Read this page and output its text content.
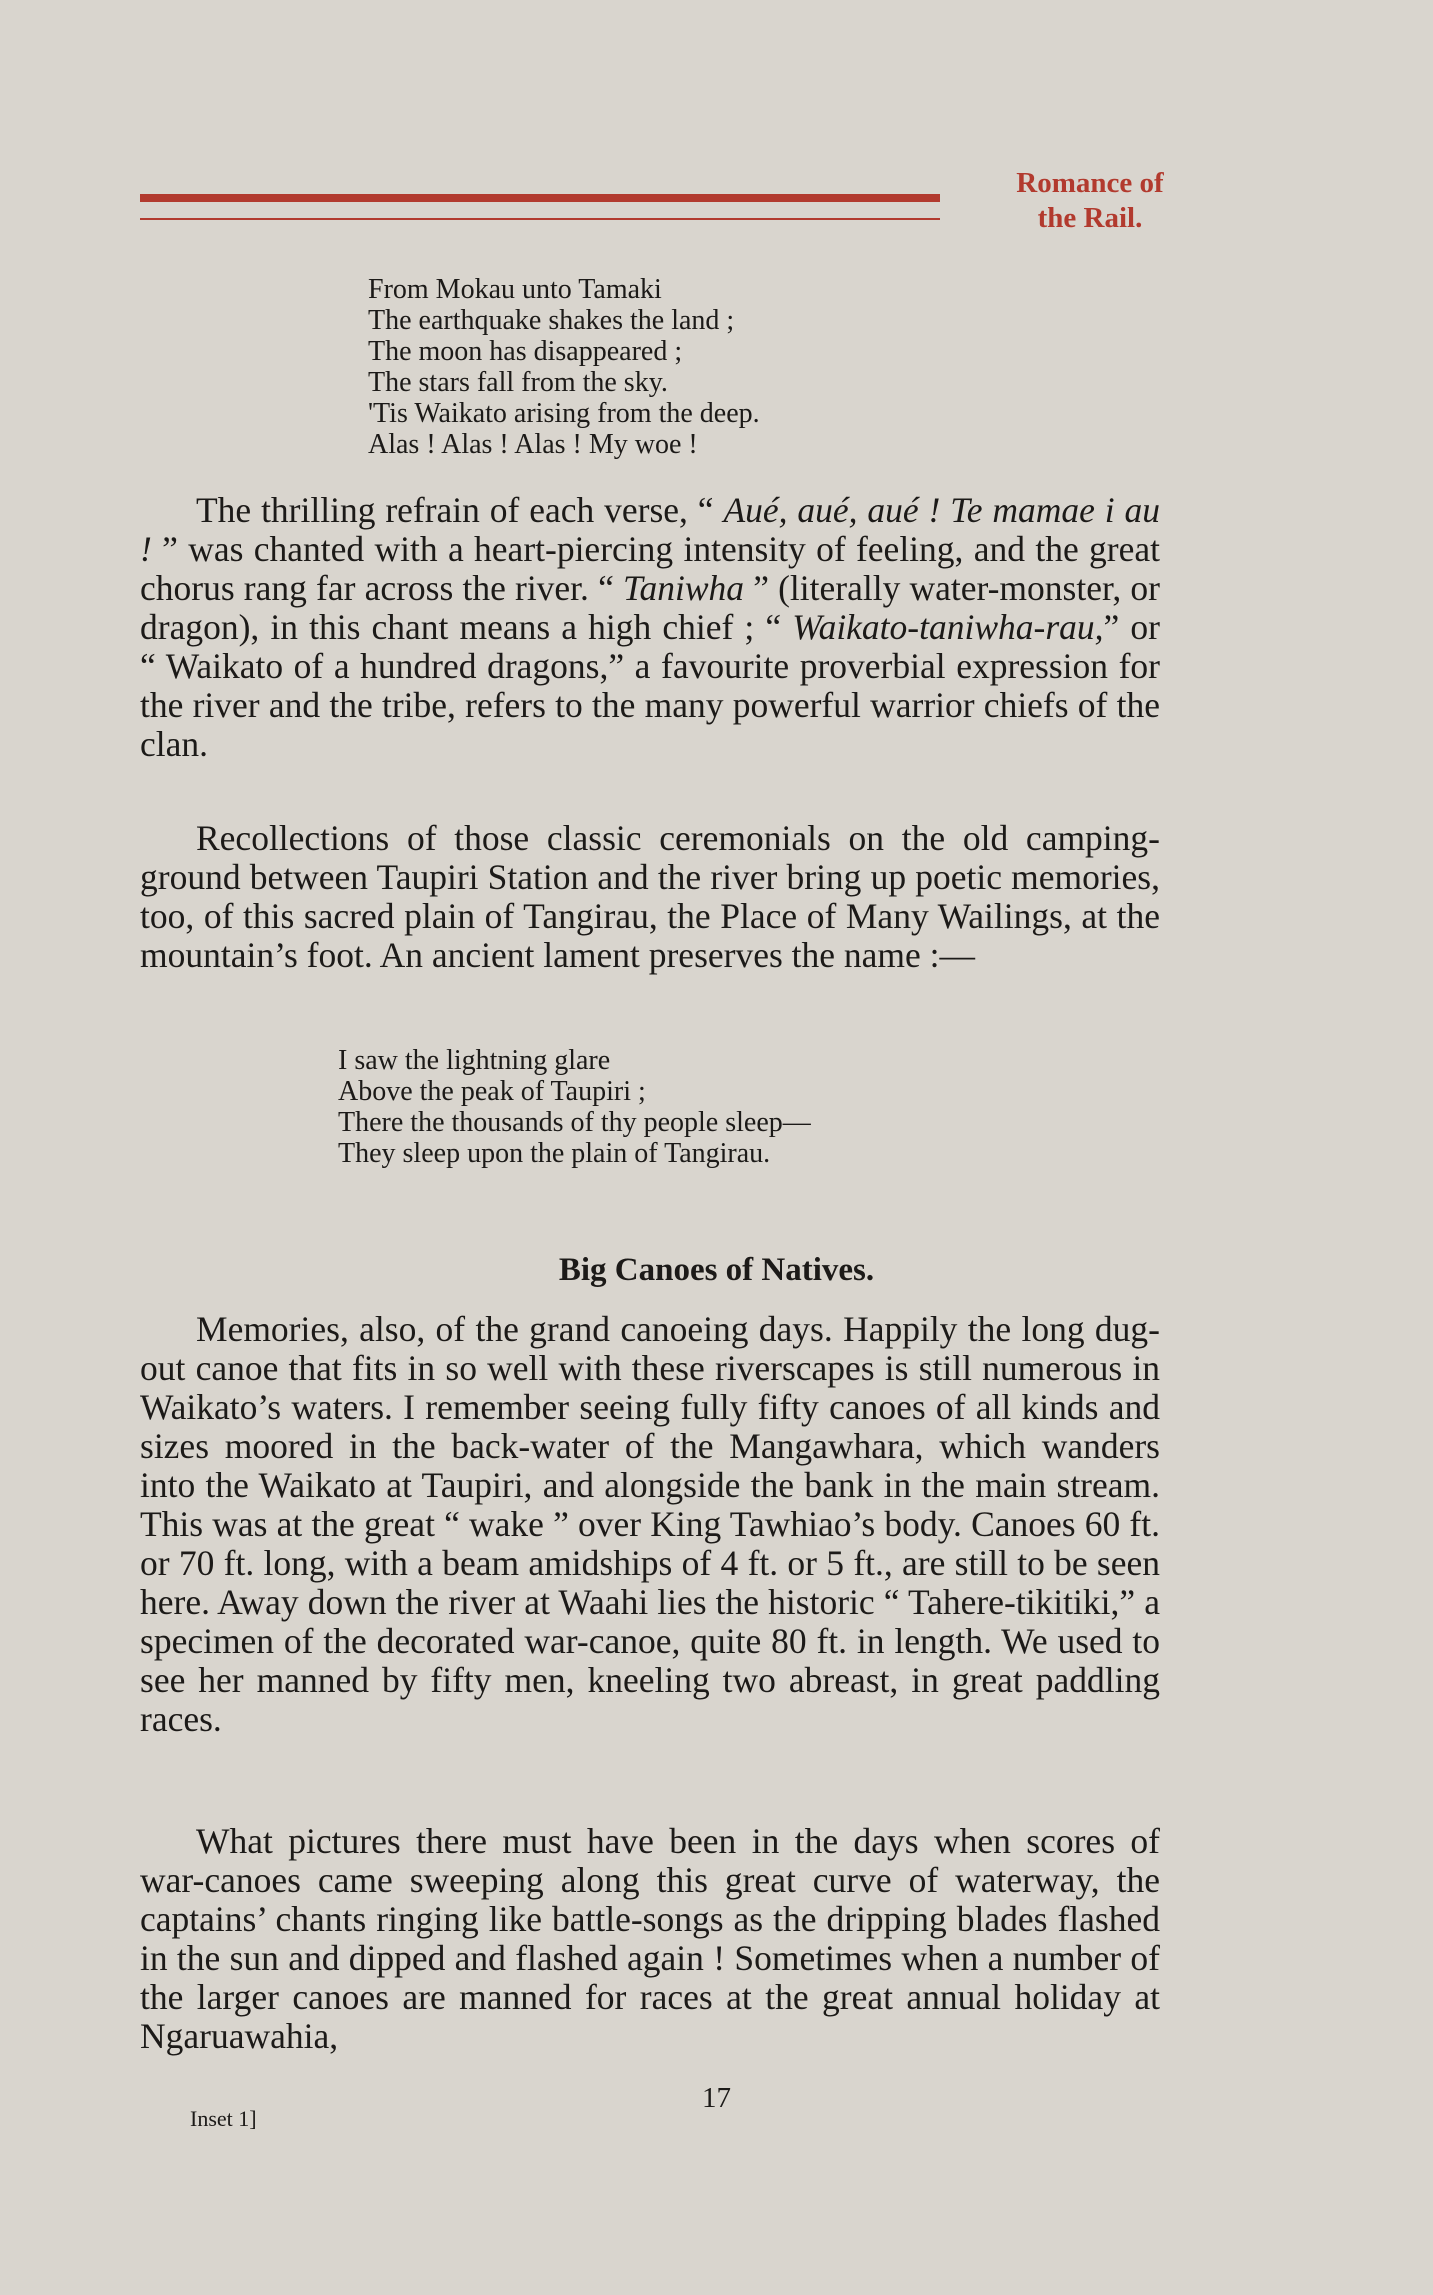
Romance of
the Rail.
From Mokau unto Tamaki
The earthquake shakes the land ;
The moon has disappeared ;
The stars fall from the sky.
'Tis Waikato arising from the deep.
Alas ! Alas ! Alas ! My woe !

The thrilling refrain of each verse, “ Aué, aué, aué ! Te mamae i au ! ” was chanted with a heart-piercing intensity of feeling, and the great chorus rang far across the river. “ Taniwha ” (literally water-monster, or dragon), in this chant means a high chief ; “ Waikato-taniwha-rau,” or “ Waikato of a hundred dragons,” a favourite proverbial expression for the river and the tribe, refers to the many powerful warrior chiefs of the clan.

Recollections of those classic ceremonials on the old camping-ground between Taupiri Station and the river bring up poetic memories, too, of this sacred plain of Tangirau, the Place of Many Wailings, at the mountain’s foot. An ancient lament preserves the name :—

I saw the lightning glare
Above the peak of Taupiri ;
There the thousands of thy people sleep—
They sleep upon the plain of Tangirau.
Big Canoes of Natives.

Memories, also, of the grand canoeing days. Happily the long dug-out canoe that fits in so well with these riverscapes is still numerous in Waikato’s waters. I remember seeing fully fifty canoes of all kinds and sizes moored in the back-water of the Mangawhara, which wanders into the Waikato at Taupiri, and alongside the bank in the main stream. This was at the great “ wake ” over King Tawhiao’s body. Canoes 60 ft. or 70 ft. long, with a beam amidships of 4 ft. or 5 ft., are still to be seen here. Away down the river at Waahi lies the historic “ Tahere-tikitiki,” a specimen of the decorated war-canoe, quite 80 ft. in length. We used to see her manned by fifty men, kneeling two abreast, in great paddling races.

What pictures there must have been in the days when scores of war-canoes came sweeping along this great curve of waterway, the captains’ chants ringing like battle-songs as the dripping blades flashed in the sun and dipped and flashed again ! Sometimes when a number of the larger canoes are manned for races at the great annual holiday at Ngaruawahia,

17
Inset 1]
